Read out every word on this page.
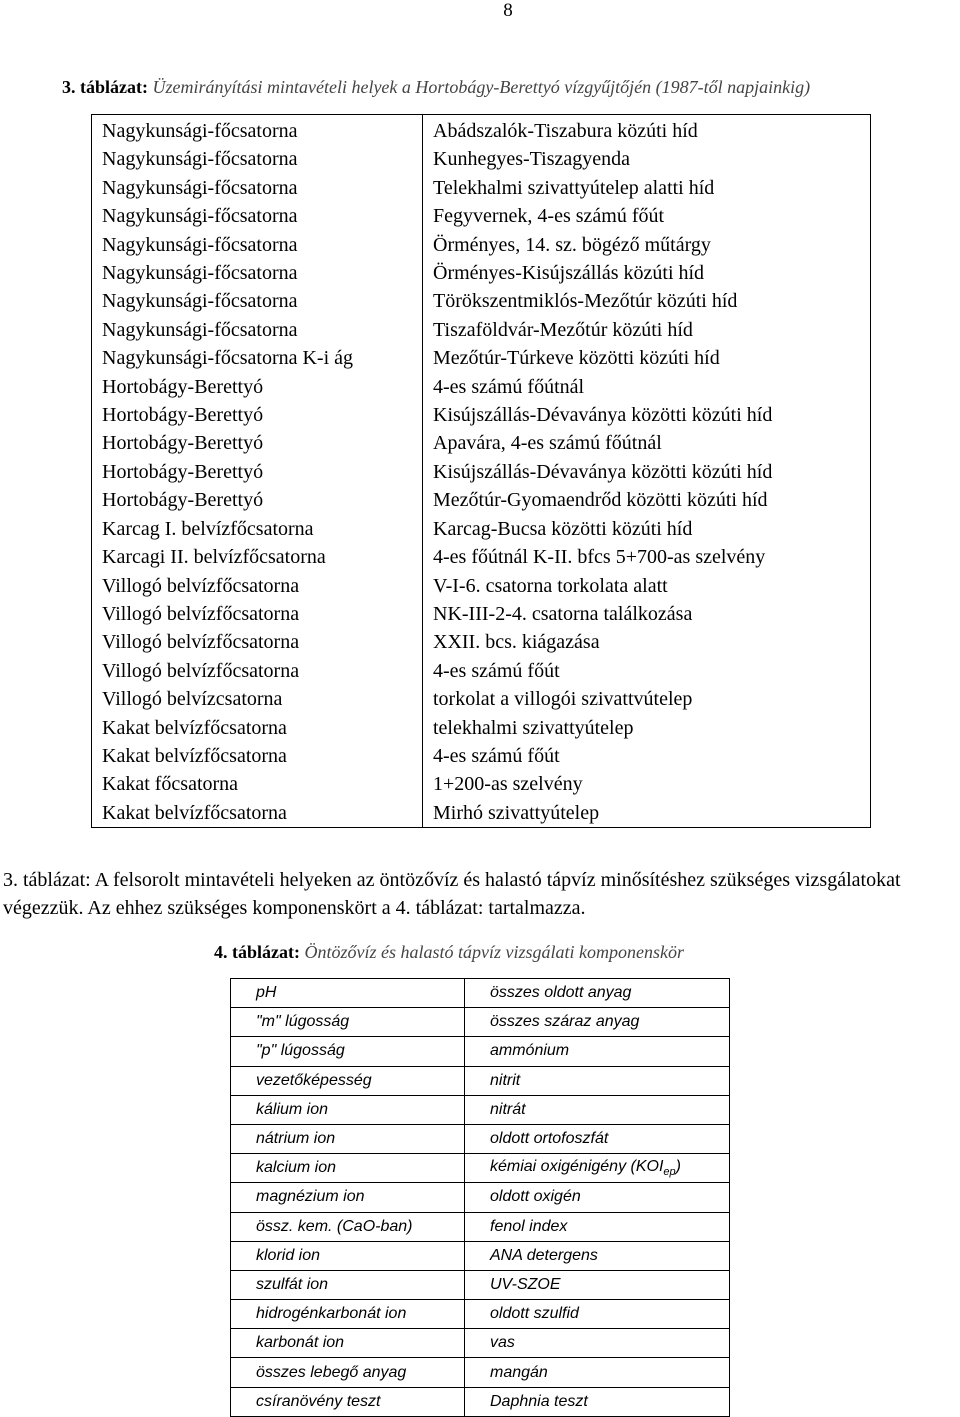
8
3. táblázat: Üzemirányítási mintavételi helyek a Hortobágy-Berettyó vízgyűjtőjén (1987-től napjainkig)
Nagykunsági-főcsatorna	Abádszalók-Tiszabura közúti híd
Nagykunsági-főcsatorna	Kunhegyes-Tiszagyenda
Nagykunsági-főcsatorna	Telekhalmi szivattyútelep alatti híd
Nagykunsági-főcsatorna	Fegyvernek, 4-es számú főút
Nagykunsági-főcsatorna	Örményes, 14. sz. bögéző műtárgy
Nagykunsági-főcsatorna	Örményes-Kisújszállás közúti híd
Nagykunsági-főcsatorna	Törökszentmiklós-Mezőtúr közúti híd
Nagykunsági-főcsatorna	Tiszaföldvár-Mezőtúr közúti híd
Nagykunsági-főcsatorna K-i ág	Mezőtúr-Túrkeve közötti közúti híd
Hortobágy-Berettyó	4-es számú főútnál
Hortobágy-Berettyó	Kisújszállás-Dévaványa közötti közúti híd
Hortobágy-Berettyó	Apavára, 4-es számú főútnál
Hortobágy-Berettyó	Kisújszállás-Dévaványa közötti közúti híd
Hortobágy-Berettyó	Mezőtúr-Gyomaendrőd közötti közúti híd
Karcag I. belvízfőcsatorna	Karcag-Bucsa közötti közúti híd
Karcagi II. belvízfőcsatorna	4-es főútnál K-II. bfcs 5+700-as szelvény
Villogó belvízfőcsatorna	V-I-6. csatorna torkolata alatt
Villogó belvízfőcsatorna	NK-III-2-4. csatorna találkozása
Villogó belvízfőcsatorna	XXII. bcs. kiágazása
Villogó belvízfőcsatorna	4-es számú főút
Villogó belvízcsatorna	torkolat a villogói szivattvútelep
Kakat belvízfőcsatorna	telekhalmi szivattyútelep
Kakat belvízfőcsatorna	4-es számú főút
Kakat főcsatorna	1+200-as szelvény
Kakat belvízfőcsatorna	Mirhó szivattyútelep
3. táblázat: A felsorolt mintavételi helyeken az öntözővíz és halastó tápvíz minősítéshez szükséges vizsgálatokat végezzük. Az ehhez szükséges komponenskört a 4. táblázat: tartalmazza.
4. táblázat: Öntözővíz és halastó tápvíz vizsgálati komponenskör
pH	összes oldott anyag
"m" lúgosság	összes száraz anyag
"p" lúgosság	ammónium
vezetőképesség	nitrit
kálium ion	nitrát
nátrium ion	oldott ortofoszfát
kalcium ion	kémiai oxigénigény $(KOI_{ep})$
magnézium ion	oldott oxigén
össz. kem. (CaO-ban)	fenol index
klorid ion	ANA detergens
szulfát ion	UV-SZOE
hidrogénkarbonát ion	oldott szulfid
karbonát ion	vas
összes lebegő anyag	mangán
csíranövény teszt	Daphnia teszt
